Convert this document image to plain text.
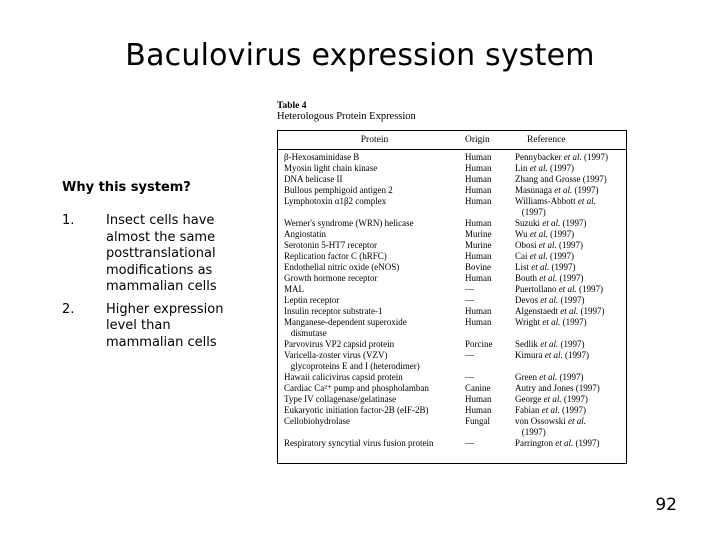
Baculovirus expression system
Why this system?
1.	Insect cells have almost the same posttranslational modifications as mammalian cells
2.	Higher expression level than mammalian cells
Table 4
Heterologous Protein Expression
Protein	Origin	Reference
β-Hexosaminidase B	Human	Pennybacker et al. (1997)
Myosin light chain kinase	Human	Lin et al. (1997)
DNA helicase II	Human	Zhang and Grosse (1997)
Bullous pemphigoid antigen 2	Human	Masunaga et al. (1997)
Lymphotoxin α1β2 complex	Human	Williams-Abbott et al.
(1997)
Werner's syndrome (WRN) helicase	Human	Suzuki et al. (1997)
Angiostatin	Murine	Wu et al. (1997)
Serotonin 5-HT7 receptor	Murine	Obosi et al. (1997)
Replication factor C (hRFC)	Human	Cai et al. (1997)
Endothelial nitric oxide (eNOS)	Bovine	List et al. (1997)
Growth hormone receptor	Human	Bouth et al. (1997)
MAL	—	Puertollano et al. (1997)
Leptin receptor	—	Devos et al. (1997)
Insulin receptor substrate-1	Human	Algenstaedt et al. (1997)
Manganese-dependent superoxide	Human	Wright et al. (1997)
dismutase
Parvovirus VP2 capsid protein	Porcine	Sedlik et al. (1997)
Varicella-zoster virus (VZV)	—	Kimura et al. (1997)
glycoproteins E and I (heterodimer)
Hawaii calicivirus capsid protein	—	Green et al. (1997)
Cardiac Ca²⁺ pump and phospholamban	Canine	Autry and Jones (1997)
Type IV collagenase/gelatinase	Human	George et al. (1997)
Eukaryotic initiation factor-2B (eIF-2B)	Human	Fabian et al. (1997)
Cellobiohydrolase	Fungal	von Ossowski et al.
(1997)
Respiratory syncytial virus fusion protein	—	Parrington et al. (1997)
92
